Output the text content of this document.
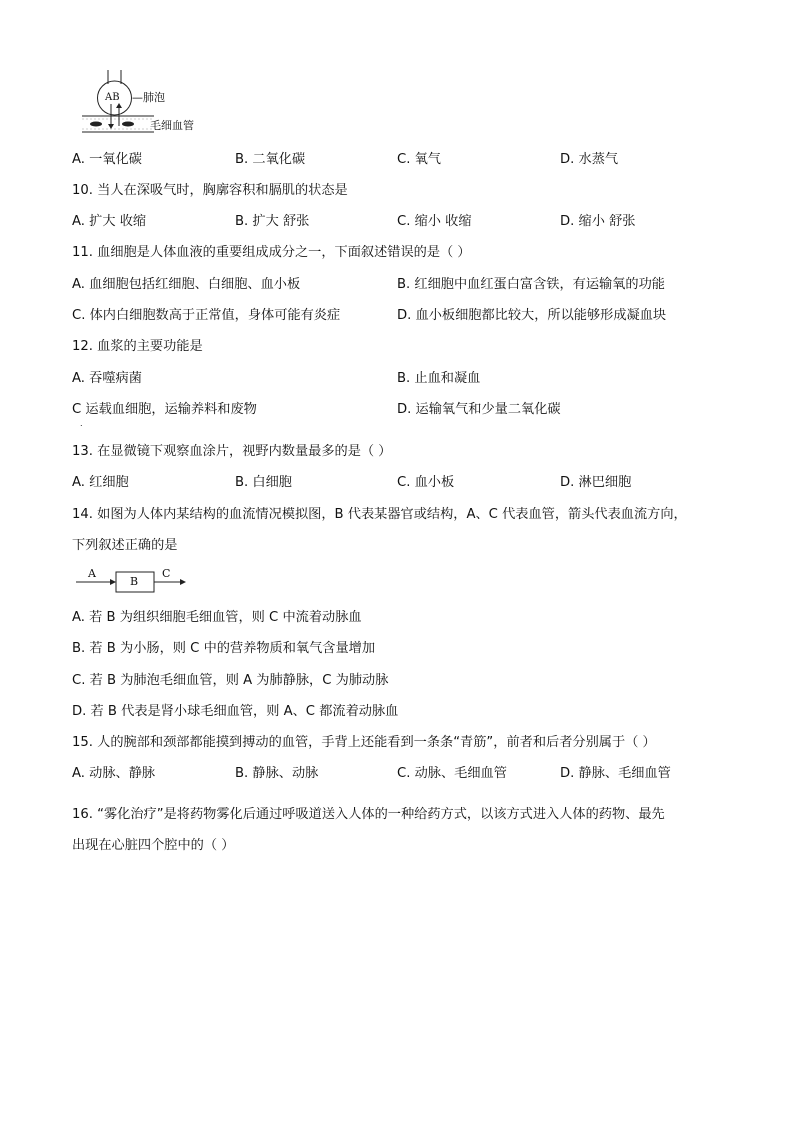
AB —肺泡
毛细血管
A. 一氧化碳	B. 二氧化碳	C. 氧气	D. 水蒸气
10. 当人在深吸气时，胸廓容积和膈肌的状态是
A. 扩大 收缩	B. 扩大 舒张	C. 缩小 收缩	D. 缩小 舒张
11. 血细胞是人体血液的重要组成成分之一，下面叙述错误的是（ ）
A. 血细胞包括红细胞、白细胞、血小板	B. 红细胞中血红蛋白富含铁，有运输氧的功能
C. 体内白细胞数高于正常值，身体可能有炎症	D. 血小板细胞都比较大，所以能够形成凝血块
12. 血浆的主要功能是
A. 吞噬病菌	B. 止血和凝血
C 运载血细胞，运输养料和废物	D. 运输氧气和少量二氧化碳
.
13. 在显微镜下观察血涂片，视野内数量最多的是（ ）
A. 红细胞	B. 白细胞	C. 血小板	D. 淋巴细胞
14. 如图为人体内某结构的血流情况模拟图，B 代表某器官或结构，A、C 代表血管，箭头代表血流方向，
下列叙述正确的是
A
B
C
A. 若 B 为组织细胞毛细血管，则 C 中流着动脉血
B. 若 B 为小肠，则 C 中的营养物质和氧气含量增加
C. 若 B 为肺泡毛细血管，则 A 为肺静脉，C 为肺动脉
D. 若 B 代表是肾小球毛细血管，则 A、C 都流着动脉血
15. 人的腕部和颈部都能摸到搏动的血管，手背上还能看到一条条“青筋”，前者和后者分别属于（ ）
A. 动脉、静脉	B. 静脉、动脉	C. 动脉、毛细血管	D. 静脉、毛细血管
16. “雾化治疗”是将药物雾化后通过呼吸道送入人体的一种给药方式，以该方式进入人体的药物、最先
出现在心脏四个腔中的（ ）
